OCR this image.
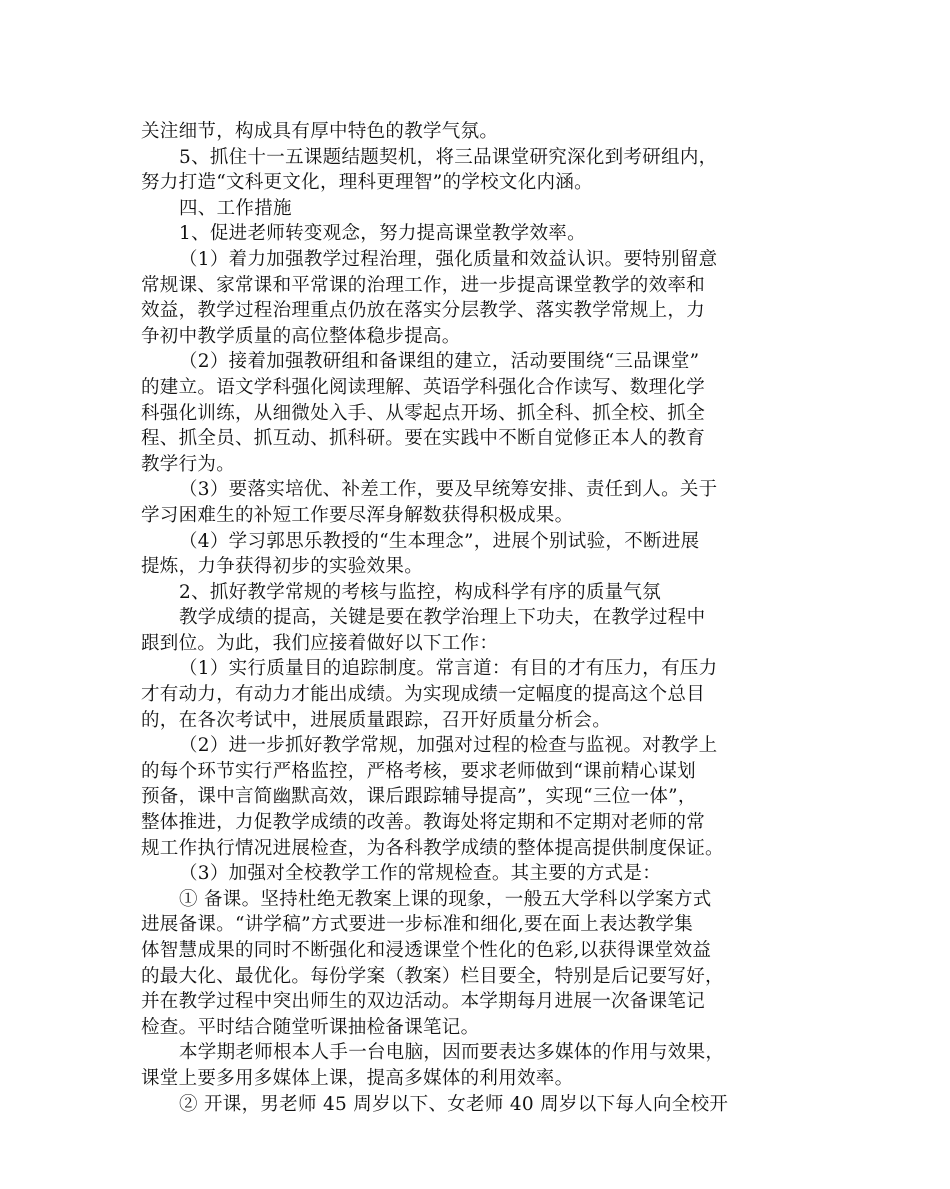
关注细节，构成具有厚中特色的教学气氛。
5、抓住十一五课题结题契机，将三品课堂研究深化到考研组内，
努力打造“文科更文化，理科更理智”的学校文化内涵。
四、工作措施
1、促进老师转变观念，努力提高课堂教学效率。
（1）着力加强教学过程治理，强化质量和效益认识。要特别留意
常规课、家常课和平常课的治理工作，进一步提高课堂教学的效率和
效益，教学过程治理重点仍放在落实分层教学、落实教学常规上，力
争初中教学质量的高位整体稳步提高。
（2）接着加强教研组和备课组的建立，活动要围绕“三品课堂”
的建立。语文学科强化阅读理解、英语学科强化合作读写、数理化学
科强化训练，从细微处入手、从零起点开场、抓全科、抓全校、抓全
程、抓全员、抓互动、抓科研。要在实践中不断自觉修正本人的教育
教学行为。
（3）要落实培优、补差工作，要及早统筹安排、责任到人。关于
学习困难生的补短工作要尽浑身解数获得积极成果。
（4）学习郭思乐教授的“生本理念”，进展个别试验，不断进展
提炼，力争获得初步的实验效果。
2、抓好教学常规的考核与监控，构成科学有序的质量气氛
教学成绩的提高，关键是要在教学治理上下功夫，在教学过程中
跟到位。为此，我们应接着做好以下工作：
（1）实行质量目的追踪制度。常言道：有目的才有压力，有压力
才有动力，有动力才能出成绩。为实现成绩一定幅度的提高这个总目
的，在各次考试中，进展质量跟踪，召开好质量分析会。
（2）进一步抓好教学常规，加强对过程的检查与监视。对教学上
的每个环节实行严格监控，严格考核，要求老师做到“课前精心谋划
预备，课中言简幽默高效，课后跟踪辅导提高”，实现“三位一体”，
整体推进，力促教学成绩的改善。教诲处将定期和不定期对老师的常
规工作执行情况进展检查，为各科教学成绩的整体提高提供制度保证。
（3）加强对全校教学工作的常规检查。其主要的方式是：
① 备课。坚持杜绝无教案上课的现象，一般五大学科以学案方式
进展备课。“讲学稿”方式要进一步标准和细化,要在面上表达教学集
体智慧成果的同时不断强化和浸透课堂个性化的色彩,以获得课堂效益
的最大化、最优化。每份学案（教案）栏目要全，特别是后记要写好，
并在教学过程中突出师生的双边活动。本学期每月进展一次备课笔记
检查。平时结合随堂听课抽检备课笔记。
本学期老师根本人手一台电脑，因而要表达多媒体的作用与效果，
课堂上要多用多媒体上课，提高多媒体的利用效率。
② 开课，男老师 45 周岁以下、女老师 40 周岁以下每人向全校开
